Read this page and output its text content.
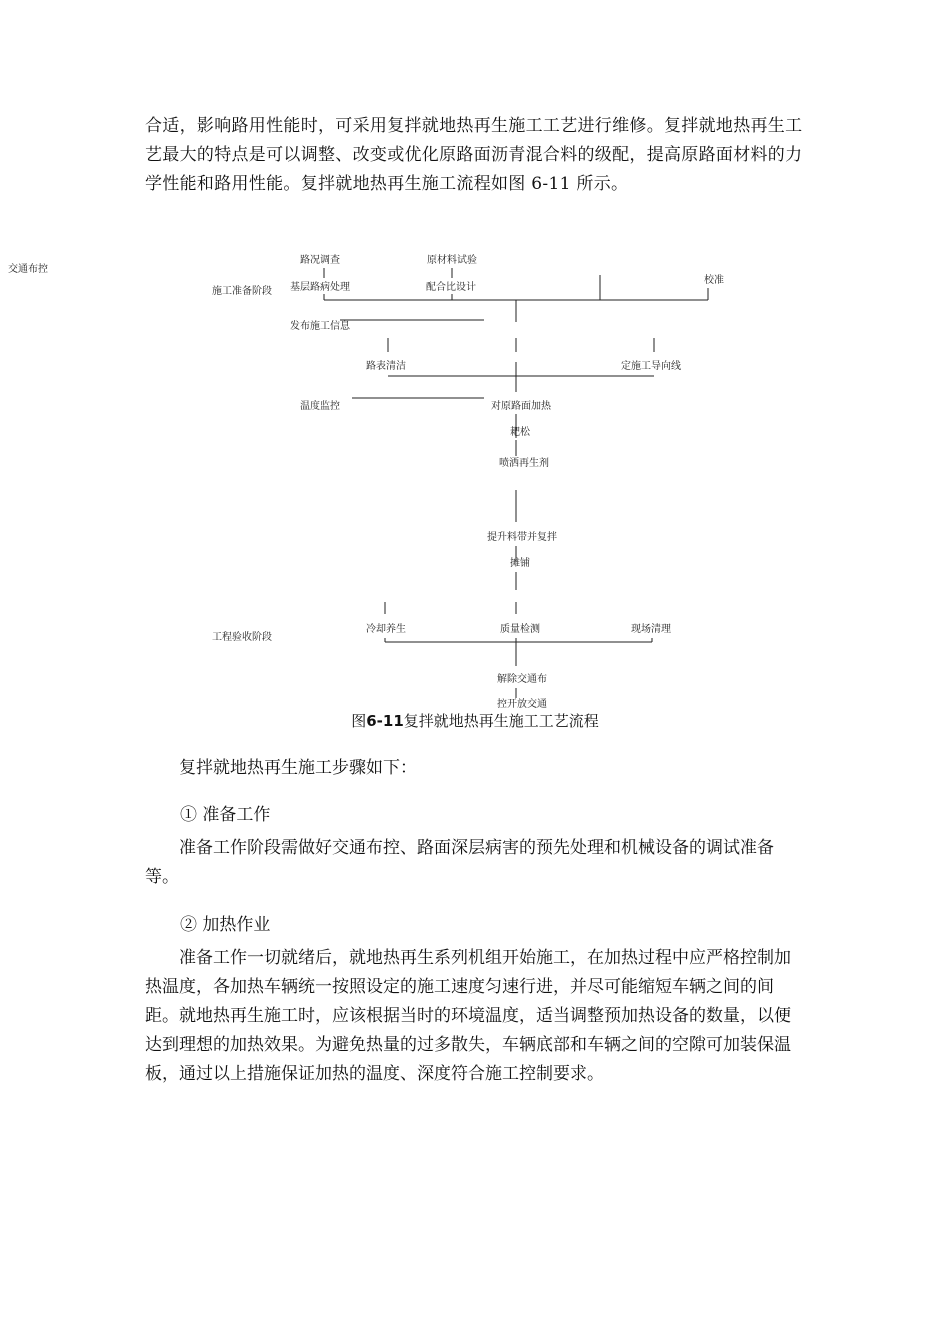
合适，影响路用性能时，可采用复拌就地热再生施工工艺进行维修。复拌就地热再生工艺最大的特点是可以调整、改变或优化原路面沥青混合料的级配，提高原路面材料的力学性能和路用性能。复拌就地热再生施工流程如图 6-11 所示。

交通布控
施工准备阶段
工程验收阶段
路况调查	原材料试验
校准
基层路病处理	配合比设计
发布施工信息
路表清洁	定施工导向线
温度监控	对原路面加热
耙松
喷洒再生剂
提升料带并复拌
摊铺
冷却养生	质量检测	现场清理
解除交通布
控开放交通
图6-11复拌就地热再生施工工艺流程

复拌就地热再生施工步骤如下：

① 准备工作

准备工作阶段需做好交通布控、路面深层病害的预先处理和机械设备的调试准备等。

② 加热作业

准备工作一切就绪后，就地热再生系列机组开始施工，在加热过程中应严格控制加热温度，各加热车辆统一按照设定的施工速度匀速行进，并尽可能缩短车辆之间的间距。就地热再生施工时，应该根据当时的环境温度，适当调整预加热设备的数量，以便达到理想的加热效果。为避免热量的过多散失，车辆底部和车辆之间的空隙可加装保温板，通过以上措施保证加热的温度、深度符合施工控制要求。
